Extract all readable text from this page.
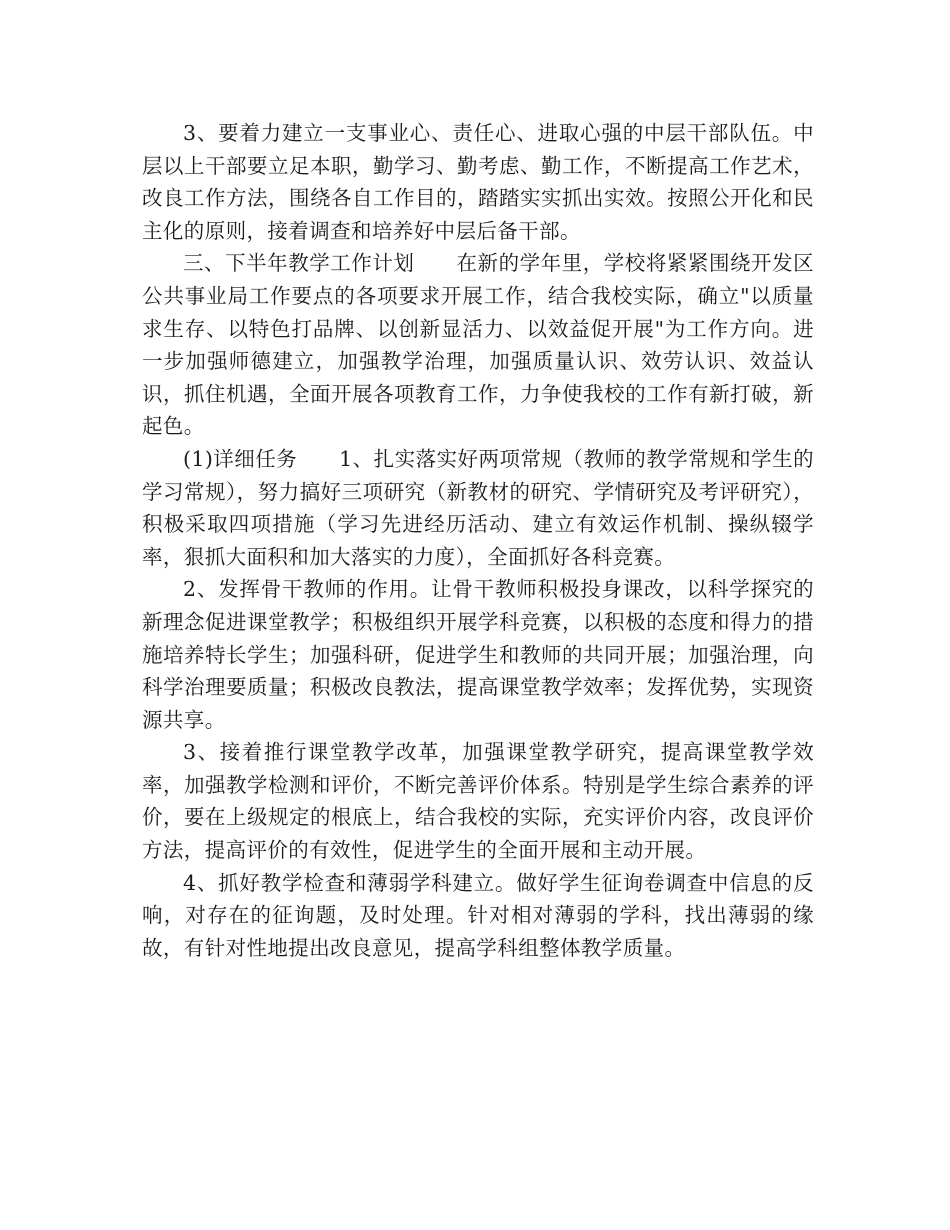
3、要着力建立一支事业心、责任心、进取心强的中层干部队伍。中层以上干部要立足本职，勤学习、勤考虑、勤工作，不断提高工作艺术，改良工作方法，围绕各自工作目的，踏踏实实抓出实效。按照公开化和民主化的原则，接着调查和培养好中层后备干部。

三、下半年教学工作计划　　在新的学年里，学校将紧紧围绕开发区公共事业局工作要点的各项要求开展工作，结合我校实际，确立"以质量求生存、以特色打品牌、以创新显活力、以效益促开展"为工作方向。进一步加强师德建立，加强教学治理，加强质量认识、效劳认识、效益认识，抓住机遇，全面开展各项教育工作，力争使我校的工作有新打破，新起色。

(1)详细任务　　1、扎实落实好两项常规（教师的教学常规和学生的学习常规），努力搞好三项研究（新教材的研究、学情研究及考评研究），积极采取四项措施（学习先进经历活动、建立有效运作机制、操纵辍学率，狠抓大面积和加大落实的力度），全面抓好各科竞赛。

2、发挥骨干教师的作用。让骨干教师积极投身课改，以科学探究的新理念促进课堂教学；积极组织开展学科竞赛，以积极的态度和得力的措施培养特长学生；加强科研，促进学生和教师的共同开展；加强治理，向科学治理要质量；积极改良教法，提高课堂教学效率；发挥优势，实现资源共享。

3、接着推行课堂教学改革，加强课堂教学研究，提高课堂教学效率，加强教学检测和评价，不断完善评价体系。特别是学生综合素养的评价，要在上级规定的根底上，结合我校的实际，充实评价内容，改良评价方法，提高评价的有效性，促进学生的全面开展和主动开展。

4、抓好教学检查和薄弱学科建立。做好学生征询卷调查中信息的反响，对存在的征询题，及时处理。针对相对薄弱的学科，找出薄弱的缘故，有针对性地提出改良意见，提高学科组整体教学质量。
